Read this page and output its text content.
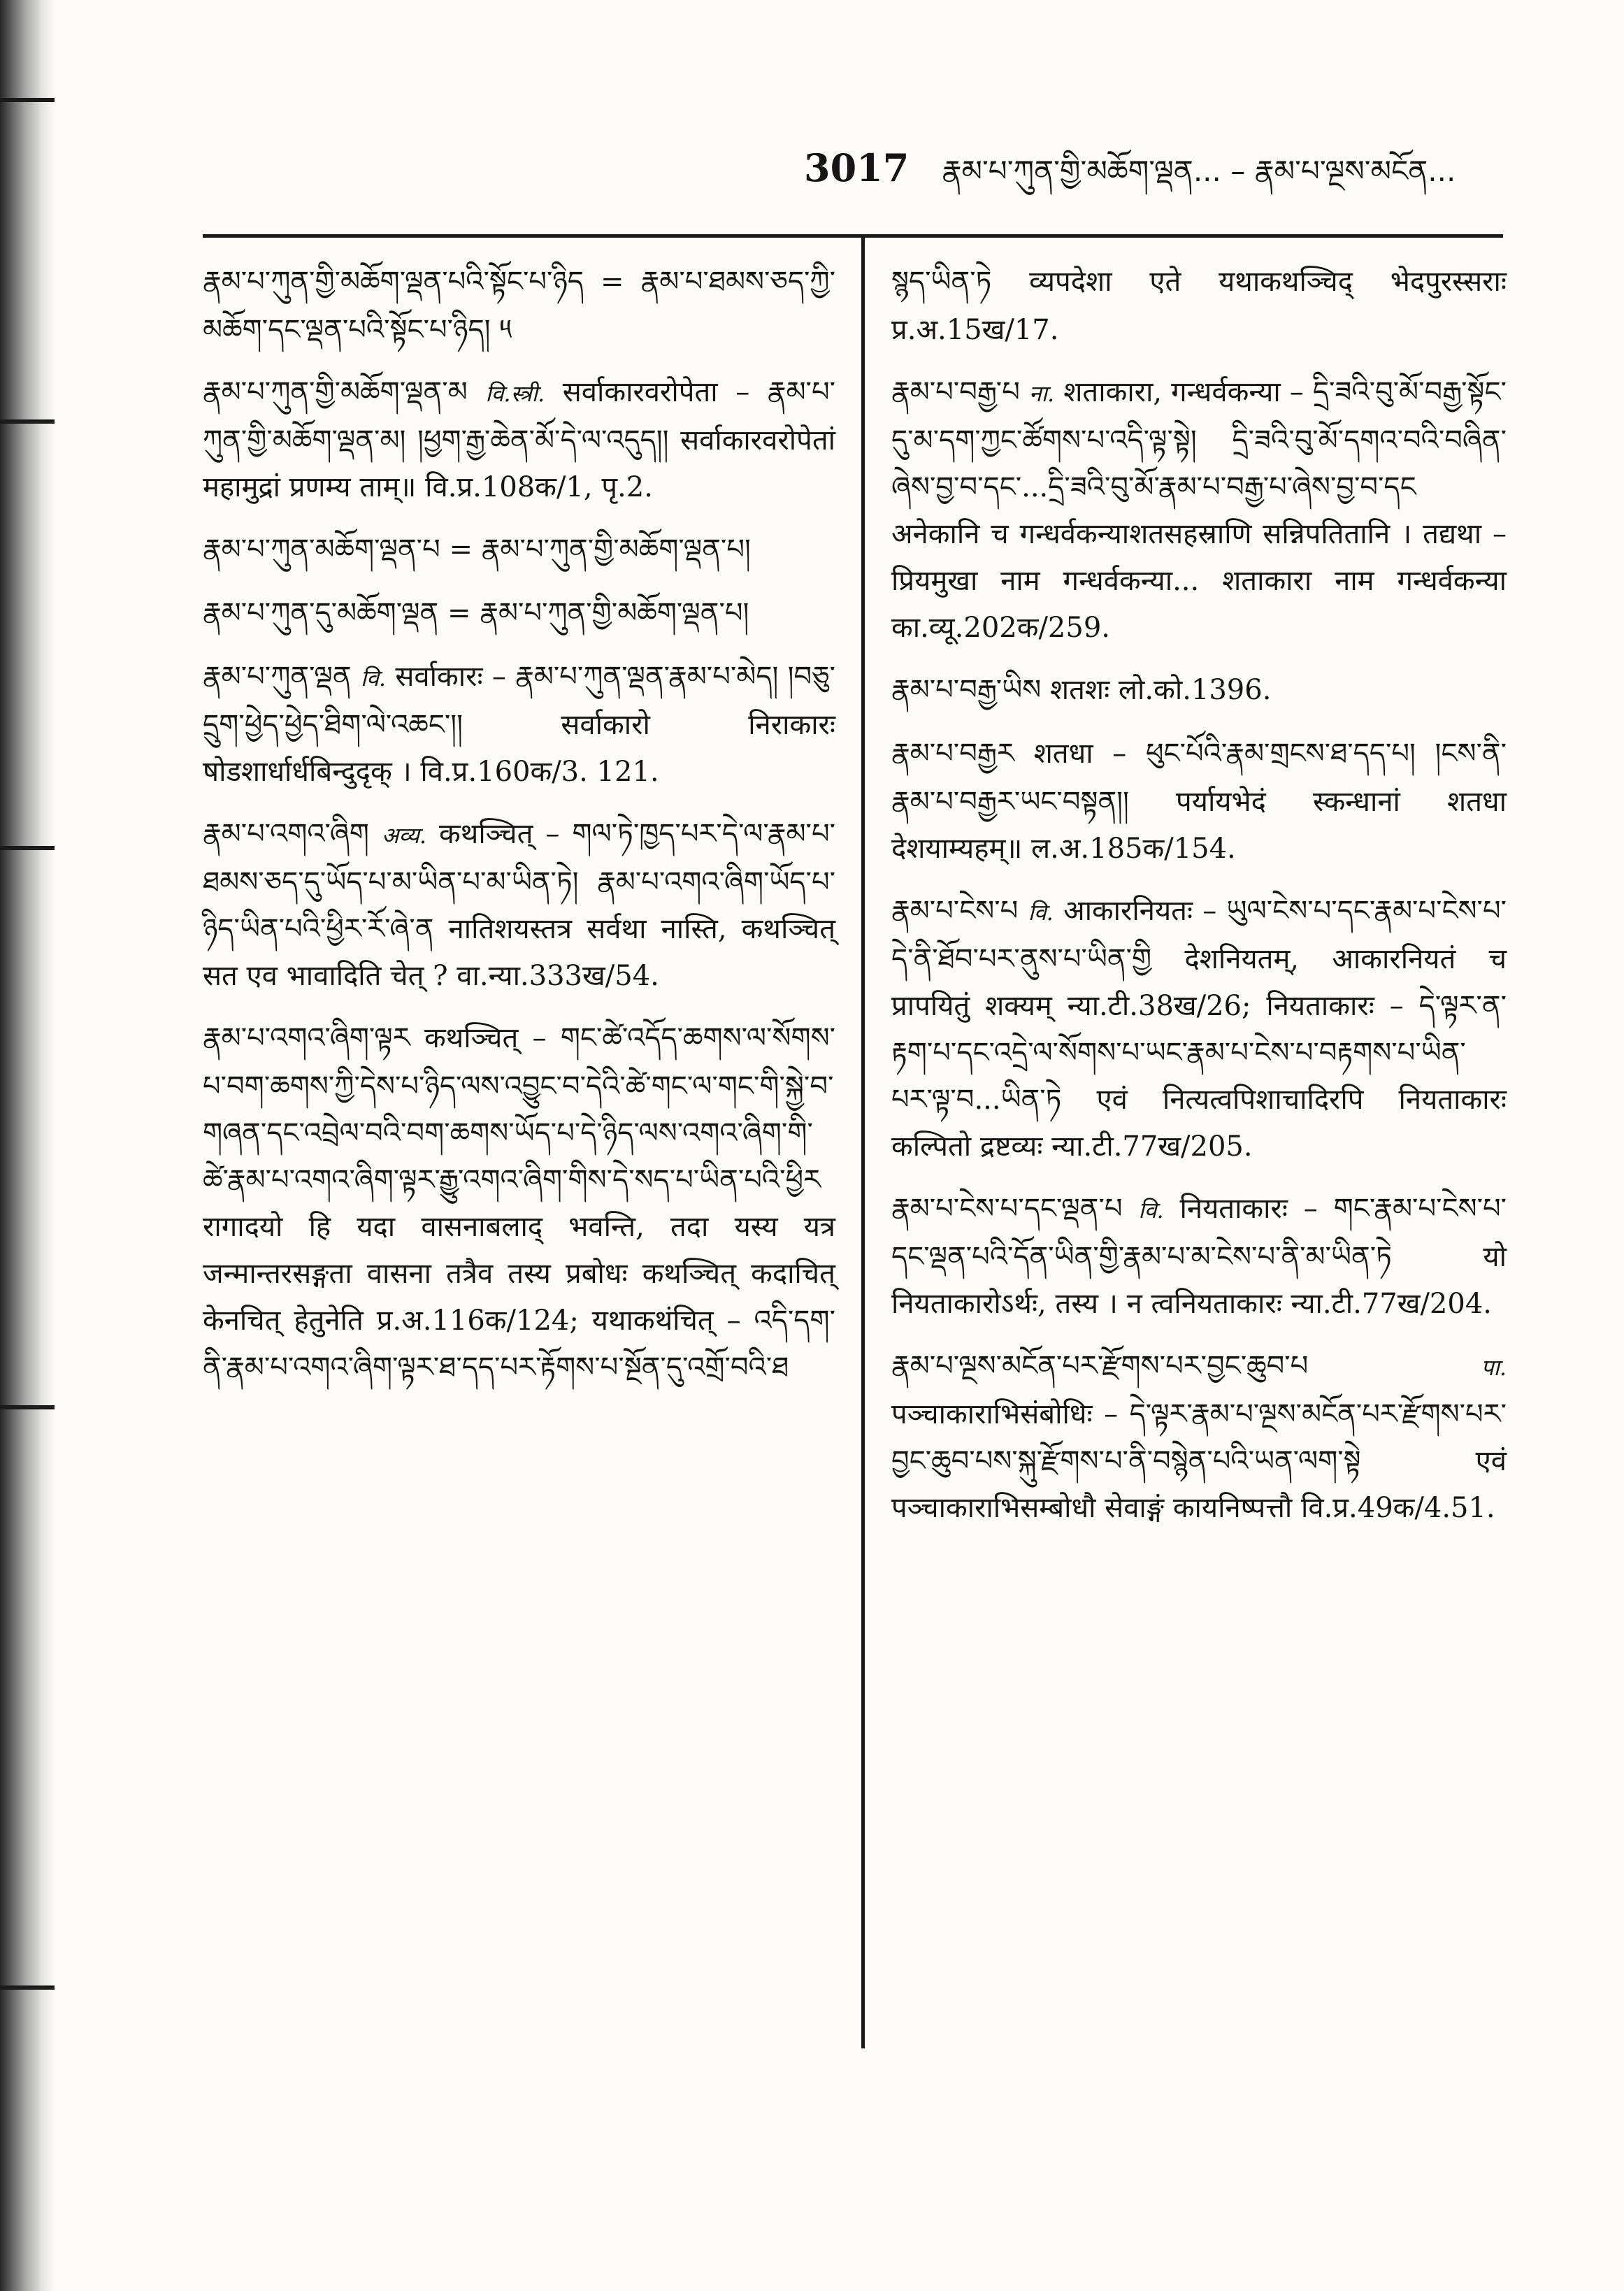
3017 རྣམ་པ་ཀུན་གྱི་མཆོག་ལྡན... – རྣམ་པ་ལྔས་མངོན...
རྣམ་པ་ཀུན་གྱི་མཆོག་ལྡན་པའི་སྟོང་པ་ཉིད = རྣམ་པ་ཐམས་ཅད་ཀྱི་མཆོག་དང་ལྡན་པའི་སྟོང་པ་ཉིད། ༥
རྣམ་པ་ཀུན་གྱི་མཆོག་ལྡན་མ वि.स्त्री. सर्वाकारवरोपेता – རྣམ་པ་ཀུན་གྱི་མཆོག་ལྡན་མ། །ཕྱག་རྒྱ་ཆེན་མོ་དེ་ལ་འདུད།། सर्वाकारवरोपेतां महामुद्रां प्रणम्य ताम्॥ वि.प्र.108क/1, पृ.2.
རྣམ་པ་ཀུན་མཆོག་ལྡན་པ = རྣམ་པ་ཀུན་གྱི་མཆོག་ལྡན་པ།
རྣམ་པ་ཀུན་དུ་མཆོག་ལྡན = རྣམ་པ་ཀུན་གྱི་མཆོག་ལྡན་པ།
རྣམ་པ་ཀུན་ལྡན वि. सर्वाकारः – རྣམ་པ་ཀུན་ལྡན་རྣམ་པ་མེད། །བཅུ་དྲུག་ཕྱེད་ཕྱེད་ཐིག་ལེ་འཆང་།། सर्वाकारो निराकारः षोडशार्धार्धबिन्दुदृक् । वि.प्र.160क/3. 121.
རྣམ་པ་འགའ་ཞིག अव्य. कथञ्चित् – གལ་ཏེ་ཁྱད་པར་དེ་ལ་རྣམ་པ་ཐམས་ཅད་དུ་ཡོད་པ་མ་ཡིན་པ་མ་ཡིན་ཏེ། རྣམ་པ་འགའ་ཞིག་ཡོད་པ་ཉིད་ཡིན་པའི་ཕྱིར་རོ་ཞེ་ན नातिशयस्तत्र सर्वथा नास्ति, कथञ्चित् सत एव भावादिति चेत् ? वा.न्या.333ख/54.
རྣམ་པ་འགའ་ཞིག་ལྟར कथञ्चित् – གང་ཚེ་འདོད་ཆགས་ལ་སོགས་པ་བག་ཆགས་ཀྱི་དེས་པ་ཉིད་ལས་འབྱུང་བ་དེའི་ཚེ་གང་ལ་གང་གི་སྐྱེ་བ་གཞན་དང་འབྲེལ་བའི་བག་ཆགས་ཡོད་པ་དེ་ཉིད་ལས་འགའ་ཞིག་གི་ཚེ་རྣམ་པ་འགའ་ཞིག་ལྟར་རྒྱུ་འགའ་ཞིག་གིས་དེ་སད་པ་ཡིན་པའི་ཕྱིར रागादयो हि यदा वासनाबलाद् भवन्ति, तदा यस्य यत्र जन्मान्तरसङ्गता वासना तत्रैव तस्य प्रबोधः कथञ्चित् कदाचित् केनचित् हेतुनेति प्र.अ.116क/124; यथाकथंचित् – འདི་དག་ནི་རྣམ་པ་འགའ་ཞིག་ལྟར་ཐ་དད་པར་རྟོགས་པ་སྔོན་དུ་འགྲོ་བའི་ཐ
སྙད་ཡིན་ཏེ व्यपदेशा एते यथाकथञ्चिद् भेदपुरस्सराः प्र.अ.15ख/17.
རྣམ་པ་བརྒྱ་པ ना. शताकारा, गन्धर्वकन्या – དྲི་ཟའི་བུ་མོ་བརྒྱ་སྟོང་དུ་མ་དག་ཀྱང་ཚོགས་པ་འདི་ལྟ་སྟེ། དྲི་ཟའི་བུ་མོ་དགའ་བའི་བཞིན་ཞེས་བྱ་བ་དང་...དྲི་ཟའི་བུ་མོ་རྣམ་པ་བརྒྱ་པ་ཞེས་བྱ་བ་དང अनेकानि च गन्धर्वकन्याशतसहस्राणि सन्निपतितानि । तद्यथा – प्रियमुखा नाम गन्धर्वकन्या... शताकारा नाम गन्धर्वकन्या का.व्यू.202क/259.
རྣམ་པ་བརྒྱ་ཡིས शतशः लो.को.1396.
རྣམ་པ་བརྒྱར शतधा – ཕུང་པོའི་རྣམ་གྲངས་ཐ་དད་པ། །ངས་ནི་རྣམ་པ་བརྒྱར་ཡང་བསྟན།། पर्यायभेदं स्कन्धानां शतधा देशयाम्यहम्॥ ल.अ.185क/154.
རྣམ་པ་ངེས་པ वि. आकारनियतः – ཡུལ་ངེས་པ་དང་རྣམ་པ་ངེས་པ་དེ་ནི་ཐོབ་པར་ནུས་པ་ཡིན་གྱི देशनियतम्, आकारनियतं च प्रापयितुं शक्यम् न्या.टी.38ख/26; नियताकारः – དེ་ལྟར་ན་རྟག་པ་དང་འདྲེ་ལ་སོགས་པ་ཡང་རྣམ་པ་ངེས་པ་བརྟགས་པ་ཡིན་པར་ལྟ་བ...ཡིན་ཏེ एवं नित्यत्वपिशाचादिरपि नियताकारः कल्पितो द्रष्टव्यः न्या.टी.77ख/205.
རྣམ་པ་ངེས་པ་དང་ལྡན་པ वि. नियताकारः – གང་རྣམ་པ་ངེས་པ་དང་ལྡན་པའི་དོན་ཡིན་གྱི་རྣམ་པ་མ་ངེས་པ་ནི་མ་ཡིན་ཏེ यो नियताकारोऽर्थः, तस्य । न त्वनियताकारः न्या.टी.77ख/204.
རྣམ་པ་ལྔས་མངོན་པར་རྫོགས་པར་བྱང་ཆུབ་པ	पा. पञ्चाकाराभिसंबोधिः – དེ་ལྟར་རྣམ་པ་ལྔས་མངོན་པར་རྫོགས་པར་བྱང་ཆུབ་པས་སྐུ་རྫོགས་པ་ནི་བསྙེན་པའི་ཡན་ལག་སྟེ एवं पञ्चाकाराभिसम्बोधौ सेवाङ्गं कायनिष्पत्तौ वि.प्र.49क/4.51.
